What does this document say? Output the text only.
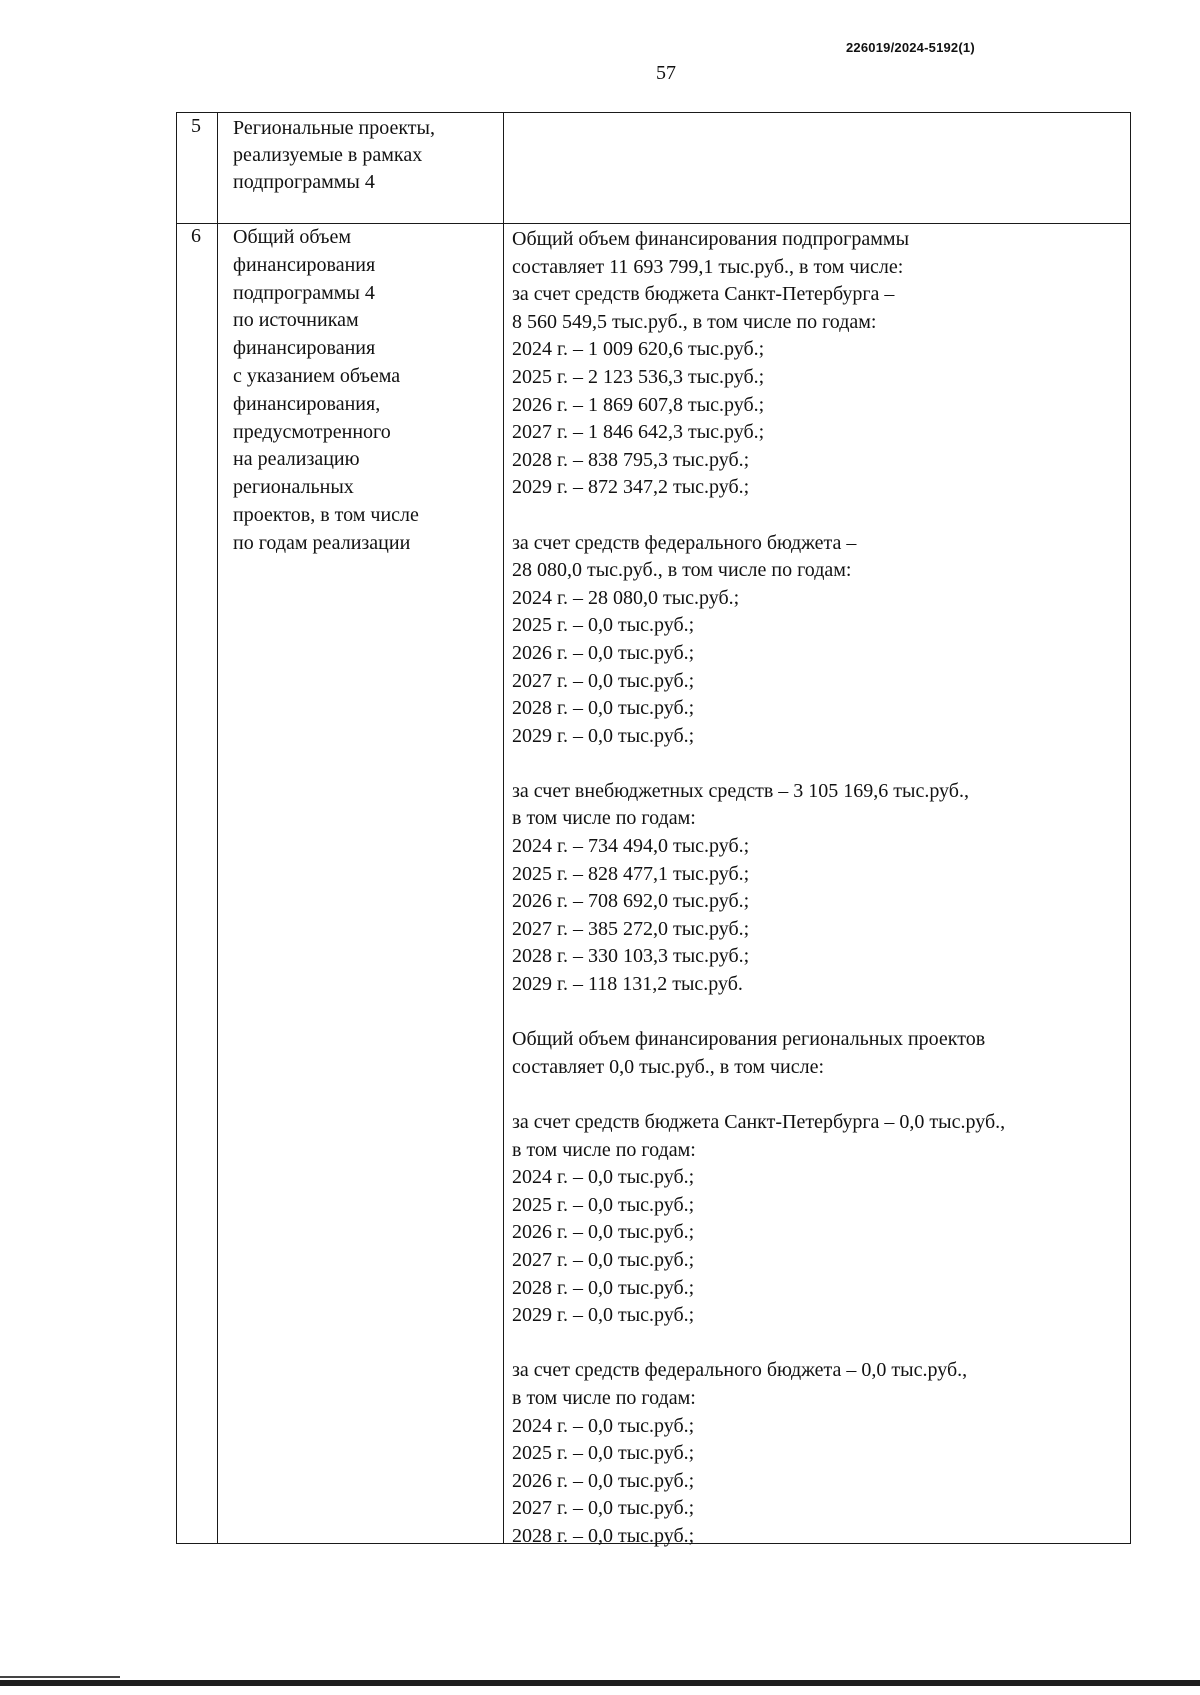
226019/2024-5192(1)
57
5 Региональные проекты,
реализуемые в рамках
подпрограммы 4
6 Общий объем
финансирования
подпрограммы 4
по источникам
финансирования
с указанием объема
финансирования,
предусмотренного
на реализацию
региональных
проектов, в том числе
по годам реализации
Общий объем финансирования подпрограммы
составляет 11 693 799,1 тыс.руб., в том числе:
за счет средств бюджета Санкт-Петербурга –
8 560 549,5 тыс.руб., в том числе по годам:
2024 г. – 1 009 620,6 тыс.руб.;
2025 г. – 2 123 536,3 тыс.руб.;
2026 г. – 1 869 607,8 тыс.руб.;
2027 г. – 1 846 642,3 тыс.руб.;
2028 г. – 838 795,3 тыс.руб.;
2029 г. – 872 347,2 тыс.руб.;
за счет средств федерального бюджета –
28 080,0 тыс.руб., в том числе по годам:
2024 г. – 28 080,0 тыс.руб.;
2025 г. – 0,0 тыс.руб.;
2026 г. – 0,0 тыс.руб.;
2027 г. – 0,0 тыс.руб.;
2028 г. – 0,0 тыс.руб.;
2029 г. – 0,0 тыс.руб.;
за счет внебюджетных средств – 3 105 169,6 тыс.руб.,
в том числе по годам:
2024 г. – 734 494,0 тыс.руб.;
2025 г. – 828 477,1 тыс.руб.;
2026 г. – 708 692,0 тыс.руб.;
2027 г. – 385 272,0 тыс.руб.;
2028 г. – 330 103,3 тыс.руб.;
2029 г. – 118 131,2 тыс.руб.
Общий объем финансирования региональных проектов
составляет 0,0 тыс.руб., в том числе:
за счет средств бюджета Санкт-Петербурга – 0,0 тыс.руб.,
в том числе по годам:
2024 г. – 0,0 тыс.руб.;
2025 г. – 0,0 тыс.руб.;
2026 г. – 0,0 тыс.руб.;
2027 г. – 0,0 тыс.руб.;
2028 г. – 0,0 тыс.руб.;
2029 г. – 0,0 тыс.руб.;
за счет средств федерального бюджета – 0,0 тыс.руб.,
в том числе по годам:
2024 г. – 0,0 тыс.руб.;
2025 г. – 0,0 тыс.руб.;
2026 г. – 0,0 тыс.руб.;
2027 г. – 0,0 тыс.руб.;
2028 г. – 0,0 тыс.руб.;
